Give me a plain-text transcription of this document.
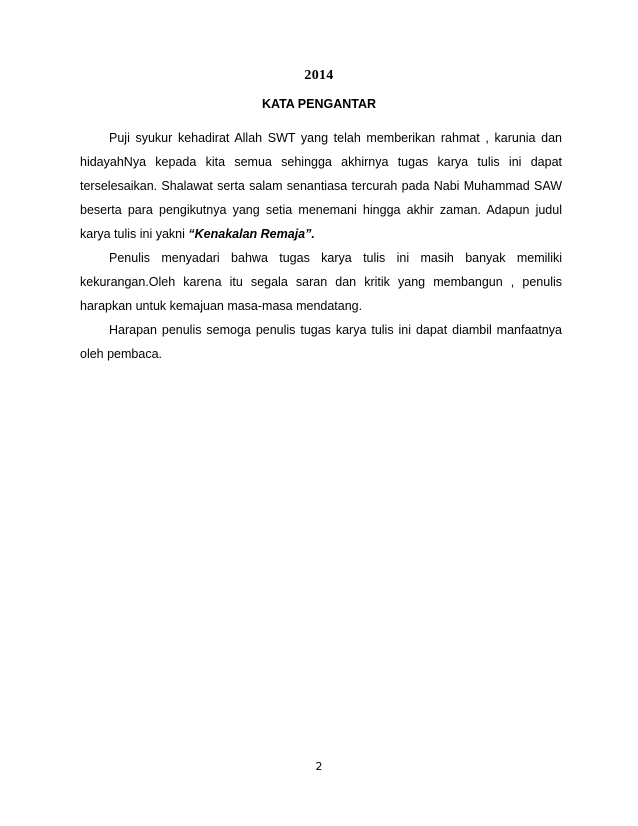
2014
KATA PENGANTAR

Puji syukur kehadirat Allah SWT yang telah memberikan rahmat , karunia dan hidayahNya kepada kita semua sehingga akhirnya tugas karya tulis ini dapat terselesaikan. Shalawat serta salam senantiasa tercurah pada Nabi Muhammad SAW beserta para pengikutnya yang setia menemani hingga akhir zaman. Adapun judul karya tulis ini yakni “Kenakalan Remaja”.

Penulis menyadari bahwa tugas karya tulis ini masih banyak memiliki kekurangan.Oleh karena itu segala saran dan kritik yang membangun , penulis harapkan untuk kemajuan masa-masa mendatang.

Harapan penulis semoga penulis tugas karya tulis ini dapat diambil manfaatnya oleh pembaca.

2
